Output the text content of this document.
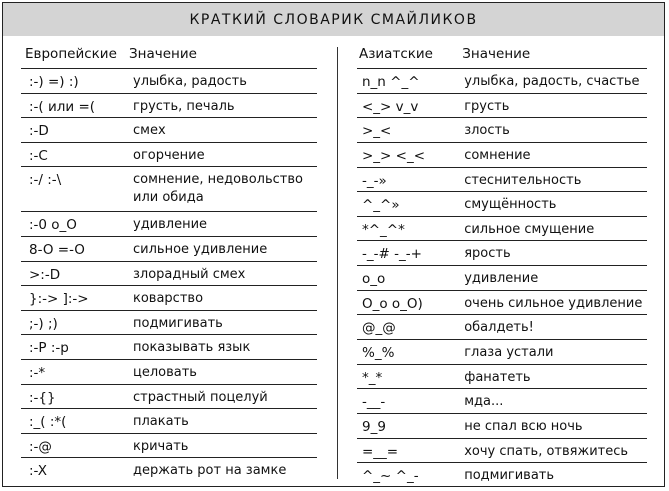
КРАТКИЙ СЛОВАРИК СМАЙЛИКОВ
Европейские Значение
:-) =) :)	улыбка, радость
:-( или =(	грусть, печаль
:-D	смех
:-C	огорчение
:-/ :-\	сомнение, недовольство или обида
:-0 o_O	удивление
8-O =-O	сильное удивление
>:-D	злорадный смех
}:-> ]:->	коварство
;-) ;)	подмигивать
:-P :-p	показывать язык
:-*	целовать
:-{}	страстный поцелуй
:_( :*(	плакать
:-@	кричать
:-X	держать рот на замке
Азиатские	Значение
n_n ^_^	улыбка, радость, счастье
<_> v_v	грусть
>_<	злость
>_> <_<	сомнение
-_-»	стеснительность
^_^»	смущённость
*^_^*	сильное смущение
-_-# -_-+	ярость
o_o	удивление
O_o o_O)	очень сильное удивление
@_@	обалдеть!
%_%	глаза устали
*_*	фанатеть
-__-	мда...
9_9	не спал всю ночь
=__=	хочу спать, отвяжитесь
^_~ ^_-	подмигивать
